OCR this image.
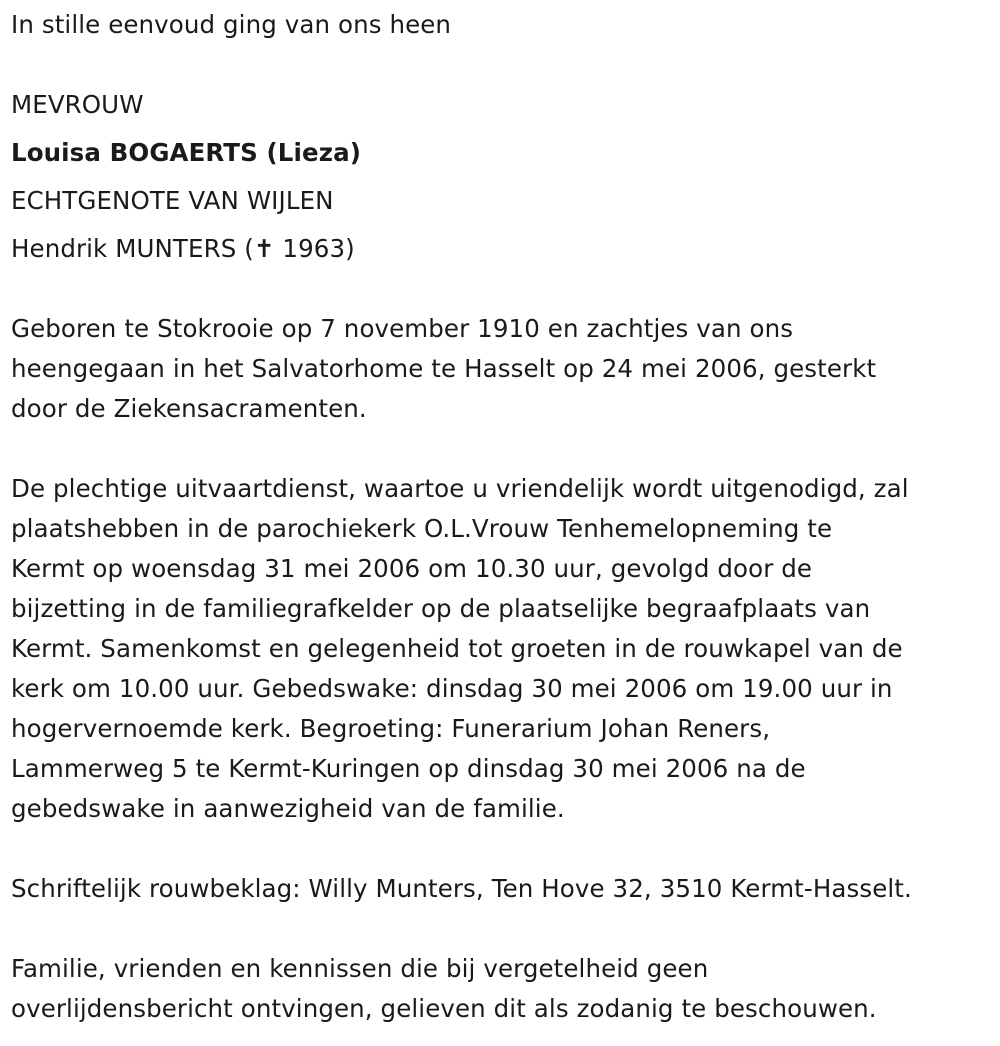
In stille eenvoud ging van ons heen
MEVROUW
Louisa BOGAERTS (Lieza)
ECHTGENOTE VAN WIJLEN
Hendrik MUNTERS (✝ 1963)
Geboren te Stokrooie op 7 november 1910 en zachtjes van ons
heengegaan in het Salvatorhome te Hasselt op 24 mei 2006, gesterkt
door de Ziekensacramenten.
De plechtige uitvaartdienst, waartoe u vriendelijk wordt uitgenodigd, zal
plaatshebben in de parochiekerk O.L.Vrouw Tenhemelopneming te
Kermt op woensdag 31 mei 2006 om 10.30 uur, gevolgd door de
bijzetting in de familiegrafkelder op de plaatselijke begraafplaats van
Kermt. Samenkomst en gelegenheid tot groeten in de rouwkapel van de
kerk om 10.00 uur. Gebedswake: dinsdag 30 mei 2006 om 19.00 uur in
hogervernoemde kerk. Begroeting: Funerarium Johan Reners,
Lammerweg 5 te Kermt-Kuringen op dinsdag 30 mei 2006 na de
gebedswake in aanwezigheid van de familie.
Schriftelijk rouwbeklag: Willy Munters, Ten Hove 32, 3510 Kermt-Hasselt.
Familie, vrienden en kennissen die bij vergetelheid geen
overlijdensbericht ontvingen, gelieven dit als zodanig te beschouwen.
